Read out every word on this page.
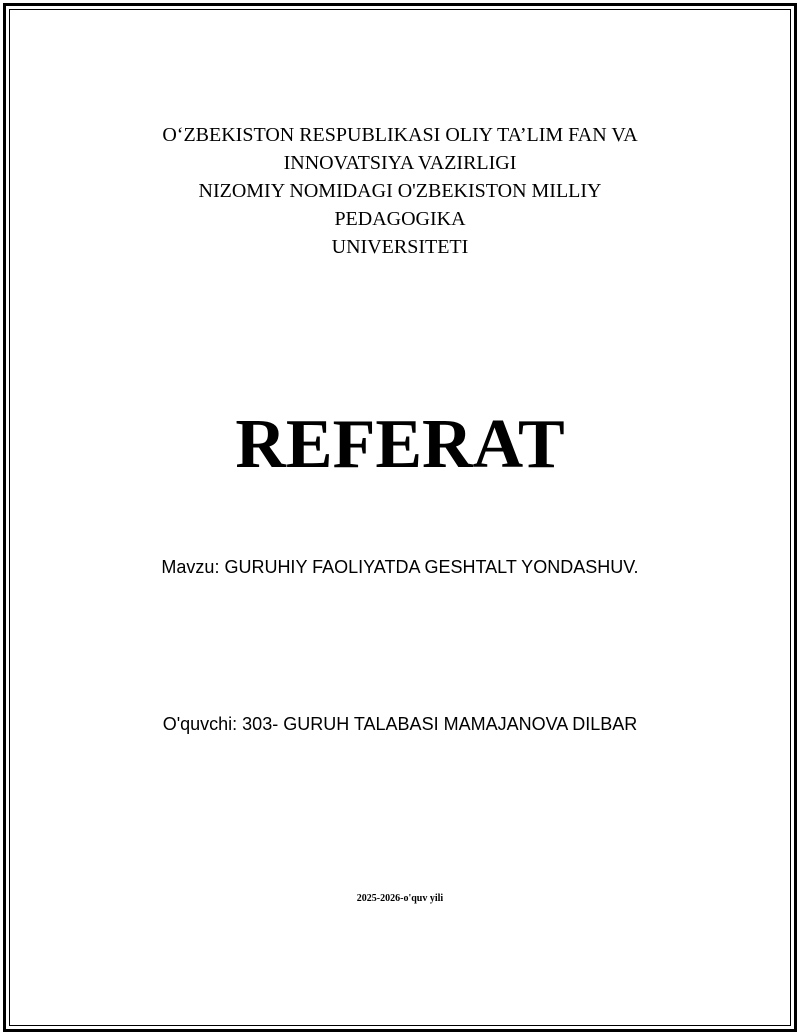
O‘ZBEKISTON RESPUBLIKASI OLIY TA’LIM FAN VA
INNOVATSIYA VAZIRLIGI
NIZOMIY NOMIDAGI O'ZBEKISTON MILLIY
PEDAGOGIKA
UNIVERSITETI
REFERAT
Mavzu: GURUHIY FAOLIYATDA GESHTALT YONDASHUV.
O'quvchi: 303- GURUH TALABASI MAMAJANOVA DILBAR
2025-2026-o'quv yili
